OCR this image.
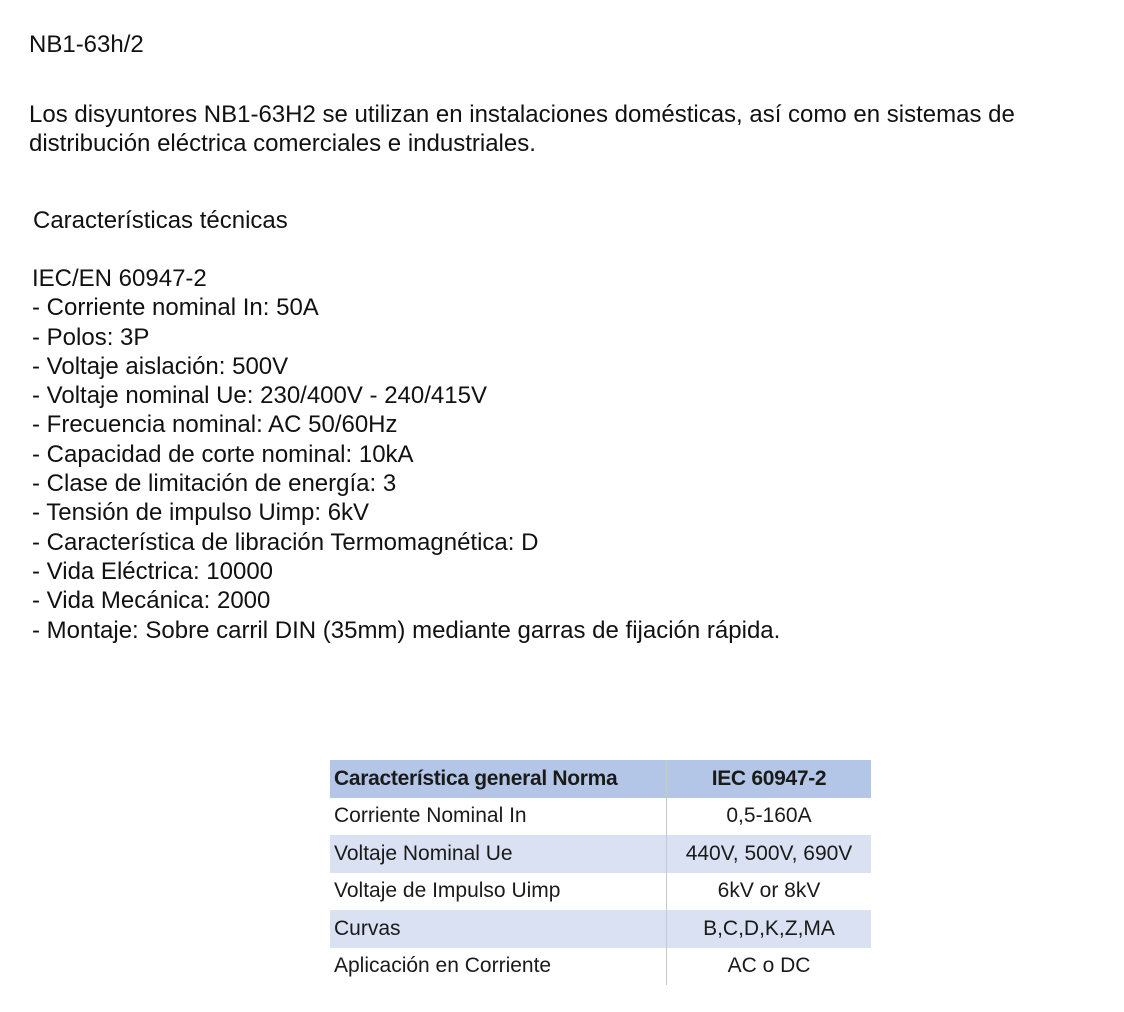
NB1-63h/2

Los disyuntores NB1-63H2 se utilizan en instalaciones domésticas, así como en sistemas de distribución eléctrica comerciales e industriales.

Características técnicas
IEC/EN 60947-2
- Corriente nominal In: 50A
- Polos: 3P
- Voltaje aislación: 500V
- Voltaje nominal Ue: 230/400V - 240/415V
- Frecuencia nominal: AC 50/60Hz
- Capacidad de corte nominal: 10kA
- Clase de limitación de energía: 3
- Tensión de impulso Uimp: 6kV
- Característica de libración Termomagnética: D
- Vida Eléctrica: 10000
- Vida Mecánica: 2000
- Montaje: Sobre carril DIN (35mm) mediante garras de fijación rápida.
Característica general Norma	IEC 60947-2
Corriente Nominal In	0,5-160A
Voltaje Nominal Ue	440V, 500V, 690V
Voltaje de Impulso Uimp	6kV or 8kV
Curvas	B,C,D,K,Z,MA
Aplicación en Corriente	AC o DC
